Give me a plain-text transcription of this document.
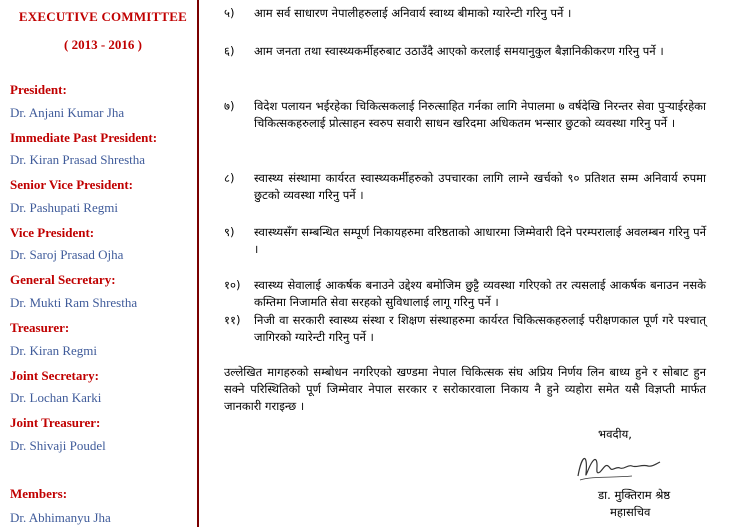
EXECUTIVE COMMITTEE
( 2013 - 2016 )
President:
Dr. Anjani Kumar Jha
Immediate Past President:
Dr. Kiran Prasad Shrestha
Senior Vice President:
Dr. Pashupati Regmi
Vice President:
Dr. Saroj Prasad Ojha
General Secretary:
Dr. Mukti Ram Shrestha
Treasurer:
Dr. Kiran Regmi
Joint Secretary:
Dr. Lochan Karki
Joint Treasurer:
Dr. Shivaji Poudel
Members:
Dr. Abhimanyu Jha
५)	आम सर्व साधारण नेपालीहरुलाई अनिवार्य स्वाथ्य बीमाको ग्यारेन्टी गरिनु पर्ने ।
६)	आम जनता तथा स्वास्थ्यकर्मीहरुबाट उठाउँदै आएको करलाई समयानुकुल बैज्ञानिकीकरण गरिनु पर्ने ।
७)	विदेश पलायन भईरहेका चिकित्सकलाई निरुत्साहित गर्नका लागि नेपालमा ७ वर्षदेखि निरन्तर सेवा पुऱ्याईरहेका चिकित्सकहरुलाई प्रोत्साहन स्वरुप सवारी साधन खरिदमा अधिकतम भन्सार छुटको व्यवस्था गरिनु पर्ने ।
८)	स्वास्थ्य संस्थामा कार्यरत स्वास्थ्यकर्मीहरुको उपचारका लागि लाग्ने खर्चको ९० प्रतिशत सम्म अनिवार्य रुपमा छुटको व्यवस्था गरिनु पर्ने ।
९)	स्वास्थ्यसँग सम्बन्धित सम्पूर्ण निकायहरुमा वरिष्ठताको आधारमा जिम्मेवारी दिने परम्परालाई अवलम्बन गरिनु पर्ने ।
१०)	स्वास्थ्य सेवालाई आकर्षक बनाउने उद्देश्य बमोजिम छुट्टै व्यवस्था गरिएको तर त्यसलाई आकर्षक बनाउन नसके कम्तिमा निजामति सेवा सरहको सुविधालाई लागू गरिनु पर्ने ।
११)	निजी वा सरकारी स्वास्थ्य संस्था र शिक्षण संस्थाहरुमा कार्यरत चिकित्सकहरुलाई परीक्षणकाल पूर्ण गरे पश्चात् जागिरको ग्यारेन्टी गरिनु पर्ने ।
उल्लेखित मागहरुको सम्बोधन नगरिएको खण्डमा नेपाल चिकित्सक संघ अप्रिय निर्णय लिन बाध्य हुने र सोबाट हुन सक्ने परिस्थितिको पूर्ण जिम्मेवार नेपाल सरकार र सरोकारवाला निकाय नै हुने व्यहोरा समेत यसै विज्ञप्ती मार्फत जानकारी गराइन्छ ।
भवदीय,
डा. मुक्तिराम श्रेष्ठ
महासचिव
